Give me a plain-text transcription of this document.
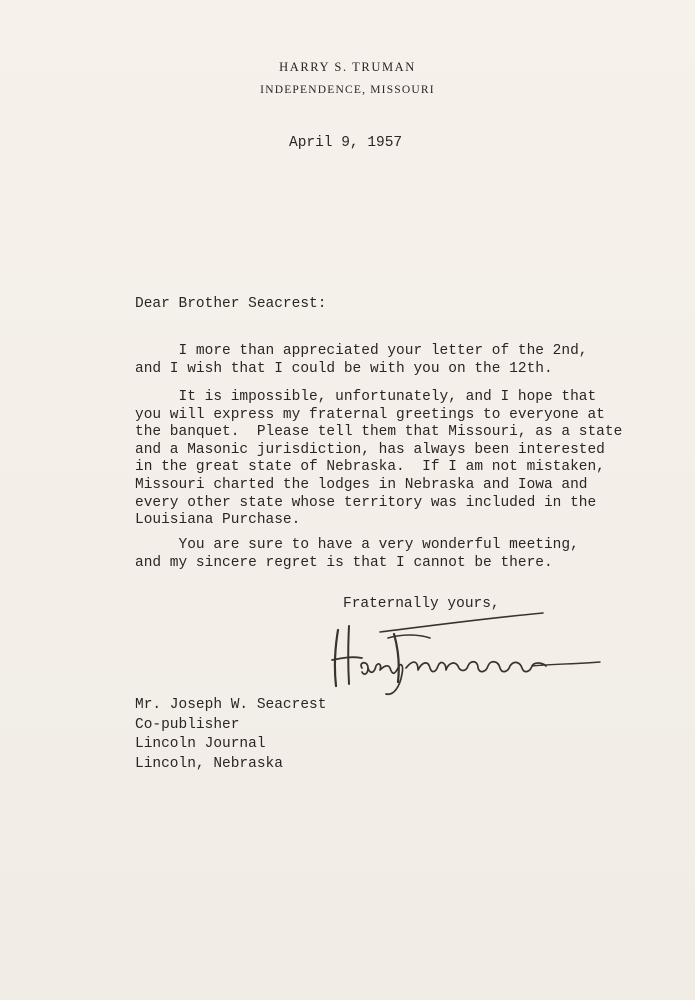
HARRY S. TRUMAN
INDEPENDENCE, MISSOURI
April 9, 1957
Dear Brother Seacrest:
I more than appreciated your letter of the 2nd,
and I wish that I could be with you on the 12th.
It is impossible, unfortunately, and I hope that
you will express my fraternal greetings to everyone at
the banquet.  Please tell them that Missouri, as a state
and a Masonic jurisdiction, has always been interested
in the great state of Nebraska.  If I am not mistaken,
Missouri charted the lodges in Nebraska and Iowa and
every other state whose territory was included in the
Louisiana Purchase.
You are sure to have a very wonderful meeting,
and my sincere regret is that I cannot be there.
Fraternally yours,
Mr. Joseph W. Seacrest
Co-publisher
Lincoln Journal
Lincoln, Nebraska
